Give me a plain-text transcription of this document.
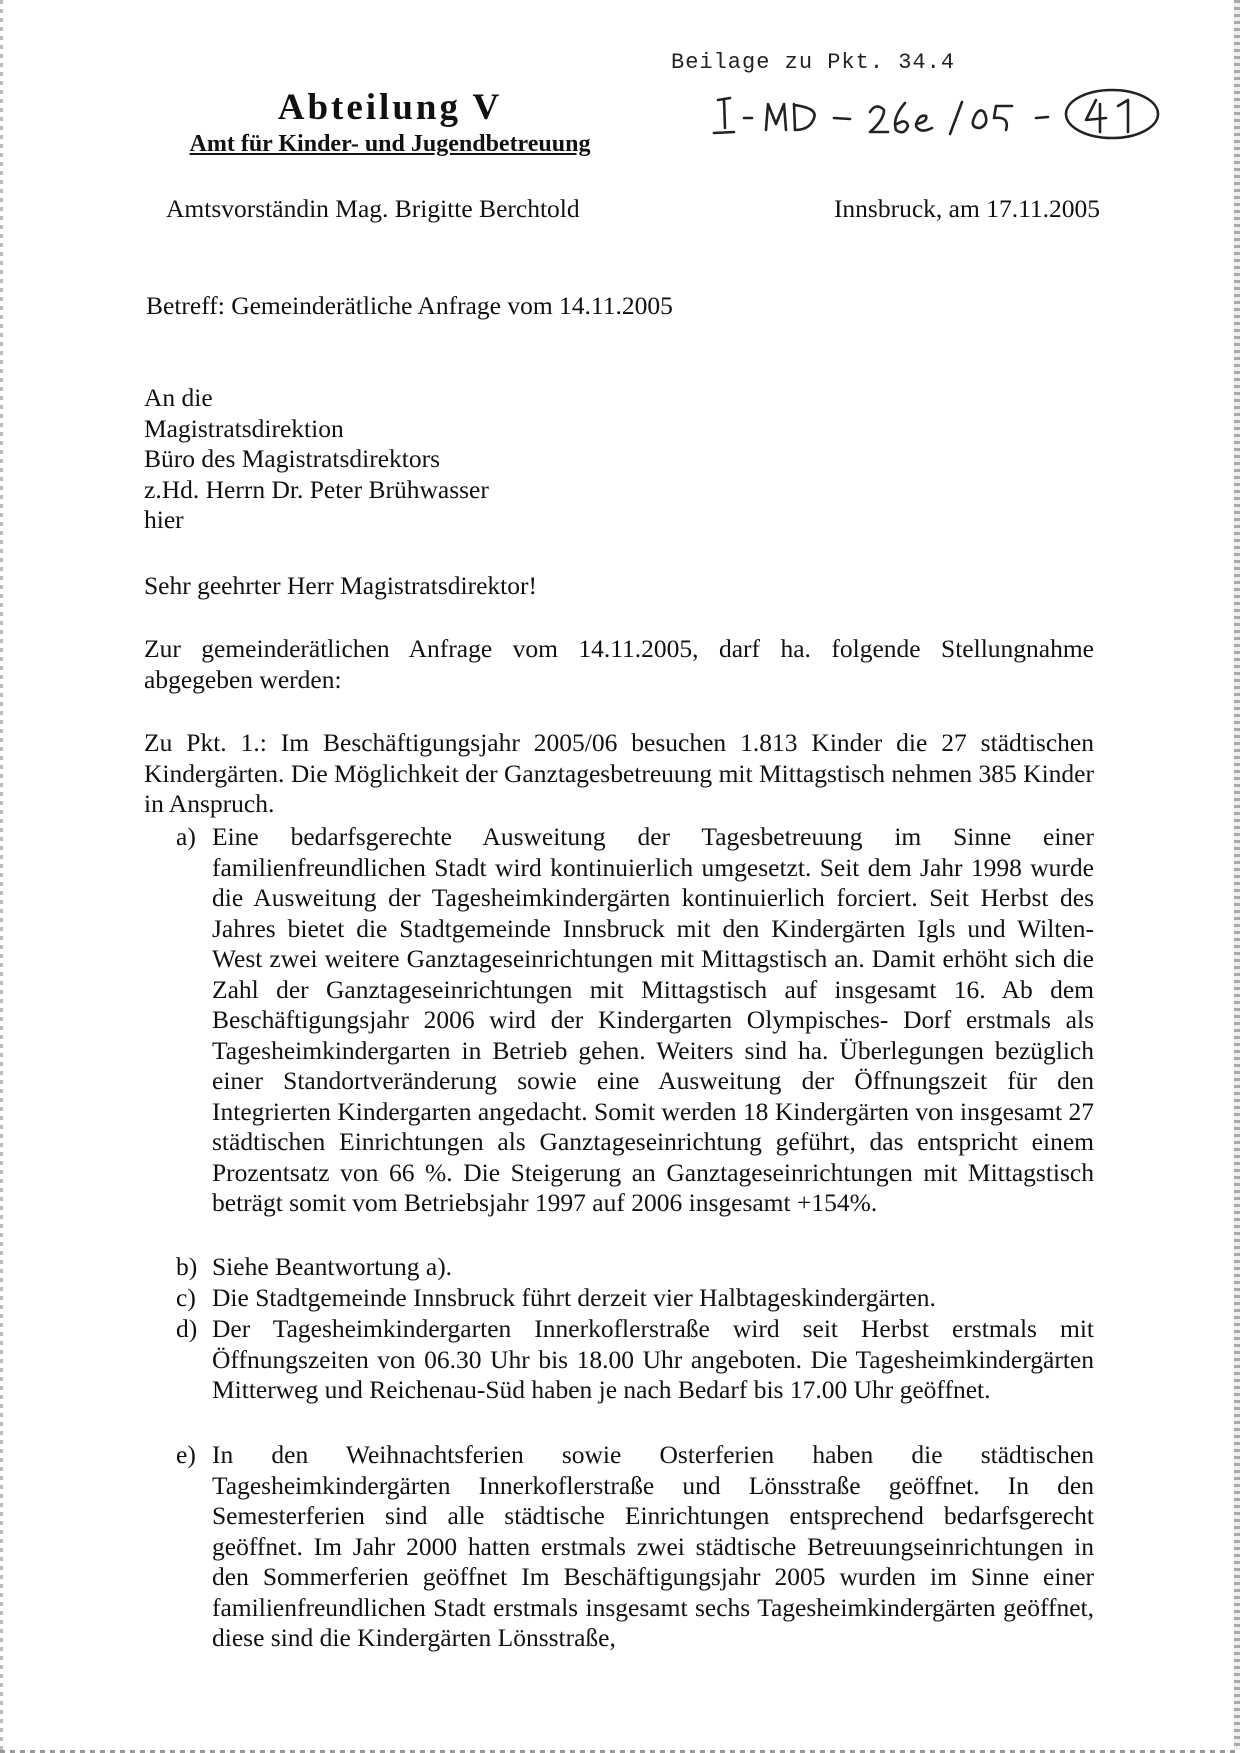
Beilage zu Pkt. 34.4
Abteilung V
Amt für Kinder- und Jugendbetreuung
Amtsvorständin Mag. Brigitte Berchtold	Innsbruck, am 17.11.2005
Betreff: Gemeinderätliche Anfrage vom 14.11.2005
An die
Magistratsdirektion
Büro des Magistratsdirektors
z.Hd. Herrn Dr. Peter Brühwasser
hier
Sehr geehrter Herr Magistratsdirektor!
Zur gemeinderätlichen Anfrage vom 14.11.2005, darf ha. folgende Stellungnahme abgegeben werden:
Zu Pkt. 1.: Im Beschäftigungsjahr 2005/06 besuchen 1.813 Kinder die 27 städtischen Kindergärten. Die Möglichkeit der Ganztagesbetreuung mit Mittagstisch nehmen 385 Kinder in Anspruch.
a) Eine bedarfsgerechte Ausweitung der Tagesbetreuung im Sinne einer familienfreundlichen Stadt wird kontinuierlich umgesetzt. Seit dem Jahr 1998 wurde die Ausweitung der Tagesheimkindergärten kontinuierlich forciert. Seit Herbst des Jahres bietet die Stadtgemeinde Innsbruck mit den Kindergärten Igls und Wilten- West zwei weitere Ganztageseinrichtungen mit Mittagstisch an. Damit erhöht sich die Zahl der Ganztageseinrichtungen mit Mittagstisch auf insgesamt 16. Ab dem Beschäftigungsjahr 2006 wird der Kindergarten Olympisches- Dorf erstmals als Tagesheimkindergarten in Betrieb gehen. Weiters sind ha. Überlegungen bezüglich einer Standortveränderung sowie eine Ausweitung der Öffnungszeit für den Integrierten Kindergarten angedacht. Somit werden 18 Kindergärten von insgesamt 27 städtischen Einrichtungen als Ganztageseinrichtung geführt, das entspricht einem Prozentsatz von 66 %. Die Steigerung an Ganztageseinrichtungen mit Mittagstisch beträgt somit vom Betriebsjahr 1997 auf 2006 insgesamt +154%.
b) Siehe Beantwortung a).
c) Die Stadtgemeinde Innsbruck führt derzeit vier Halbtageskindergärten.
d) Der Tagesheimkindergarten Innerkoflerstraße wird seit Herbst erstmals mit Öffnungszeiten von 06.30 Uhr bis 18.00 Uhr angeboten. Die Tagesheimkindergärten Mitterweg und Reichenau-Süd haben je nach Bedarf bis 17.00 Uhr geöffnet.
e) In den Weihnachtsferien sowie Osterferien haben die städtischen Tagesheimkindergärten Innerkoflerstraße und Lönsstraße geöffnet. In den Semesterferien sind alle städtische Einrichtungen entsprechend bedarfsgerecht geöffnet. Im Jahr 2000 hatten erstmals zwei städtische Betreuungseinrichtungen in den Sommerferien geöffnet Im Beschäftigungsjahr 2005 wurden im Sinne einer familienfreundlichen Stadt erstmals insgesamt sechs Tagesheimkindergärten geöffnet, diese sind die Kindergärten Lönsstraße,
